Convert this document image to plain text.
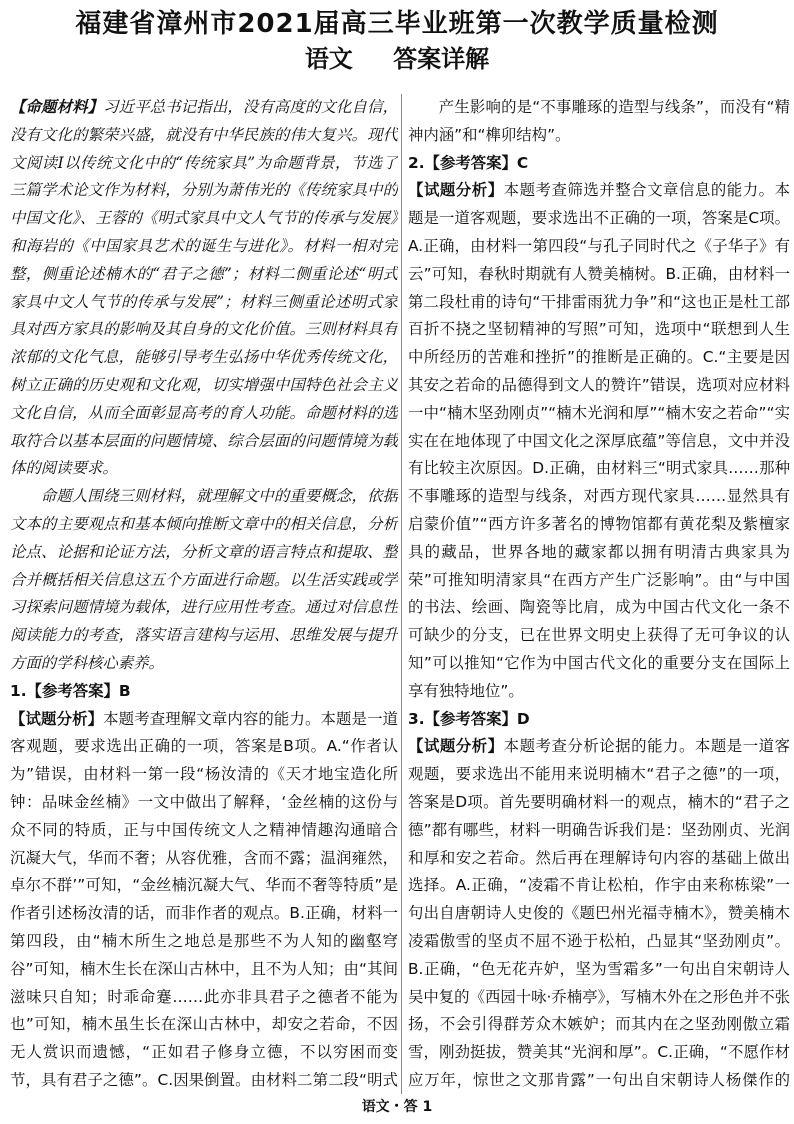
福建省漳州市2021届高三毕业班第一次教学质量检测
语文 答案详解

【命题材料】习近平总书记指出，没有高度的文化自信，没有文化的繁荣兴盛，就没有中华民族的伟大复兴。现代文阅读Ⅰ以传统文化中的“传统家具”为命题背景，节选了三篇学术论文作为材料，分别为萧伟光的《传统家具中的中国文化》、王蓉的《明式家具中文人气节的传承与发展》和海岩的《中国家具艺术的诞生与进化》。材料一相对完整，侧重论述楠木的“君子之德”；材料二侧重论述“明式家具中文人气节的传承与发展”；材料三侧重论述明式家具对西方家具的影响及其自身的文化价值。三则材料具有浓郁的文化气息，能够引导考生弘扬中华优秀传统文化，树立正确的历史观和文化观，切实增强中国特色社会主义文化自信，从而全面彰显高考的育人功能。命题材料的选取符合以基本层面的问题情境、综合层面的问题情境为载体的阅读要求。

命题人围绕三则材料，就理解文中的重要概念，依据文本的主要观点和基本倾向推断文章中的相关信息，分析论点、论据和论证方法，分析文章的语言特点和提取、整合并概括相关信息这五个方面进行命题。以生活实践或学习探索问题情境为载体，进行应用性考查。通过对信息性阅读能力的考查，落实语言建构与运用、思维发展与提升方面的学科核心素养。

1.【参考答案】B

【试题分析】本题考查理解文章内容的能力。本题是一道客观题，要求选出正确的一项，答案是B项。A.“作者认为”错误，由材料一第一段“杨汝清的《天才地宝造化所钟：品味金丝楠》一文中做出了解释，‘金丝楠的这份与众不同的特质，正与中国传统文人之精神情趣沟通暗合　　沉凝大气，华而不奢；从容优雅，含而不露；温润雍然，卓尔不群’”可知，“金丝楠沉凝大气、华而不奢等特质”是作者引述杨汝清的话，而非作者的观点。B.正确，材料一第四段，由“楠木所生之地总是那些不为人知的幽壑穹谷”可知，楠木生长在深山古林中，且不为人知；由“其间滋味只自知；时乖命蹇……此亦非具君子之德者不能为也”可知，楠木虽生长在深山古林中，却安之若命，不因无人赏识而遗憾，“正如君子修身立德，不以穷困而变节，具有君子之德”。C.因果倒置。由材料二第二段“明式

产生影响的是“不事雕琢的造型与线条”，而没有“精神内涵”和“榫卯结构”。

2.【参考答案】C

【试题分析】本题考查筛选并整合文章信息的能力。本题是一道客观题，要求选出不正确的一项，答案是C项。A.正确，由材料一第四段“与孔子同时代之《子华子》有云”可知，春秋时期就有人赞美楠树。B.正确，由材料一第二段杜甫的诗句“干排雷雨犹力争”和“这也正是杜工部百折不挠之坚韧精神的写照”可知，选项中“联想到人生中所经历的苦难和挫折”的推断是正确的。C.“主要是因其安之若命的品德得到文人的赞许”错误，选项对应材料一中“楠木坚劲刚贞”“楠木光润和厚”“楠木安之若命”“实实在在地体现了中国文化之深厚底蕴”等信息，文中并没有比较主次原因。D.正确，由材料三“明式家具……那种不事雕琢的造型与线条，对西方现代家具……显然具有启蒙价值”“西方许多著名的博物馆都有黄花梨及紫檀家具的藏品，世界各地的藏家都以拥有明清古典家具为荣”可推知明清家具“在西方产生广泛影响”。由“与中国的书法、绘画、陶瓷等比肩，成为中国古代文化一条不可缺少的分支，已在世界文明史上获得了无可争议的认知”可以推知“它作为中国古代文化的重要分支在国际上享有独特地位”。

3.【参考答案】D

【试题分析】本题考查分析论据的能力。本题是一道客观题，要求选出不能用来说明楠木“君子之德”的一项，答案是D项。首先要明确材料一的观点，楠木的“君子之德”都有哪些，材料一明确告诉我们是：坚劲刚贞、光润和厚和安之若命。然后再在理解诗句内容的基础上做出选择。A.正确，“凌霜不肯让松柏，作宇由来称栋梁”一句出自唐朝诗人史俊的《题巴州光福寺楠木》，赞美楠木凌霜傲雪的坚贞不屈不逊于松柏，凸显其“坚劲刚贞”。B.正确，“色无花卉妒，坚为雪霜多”一句出自宋朝诗人吴中复的《西园十咏·乔楠亭》，写楠木外在之形色并不张扬，不会引得群芳众木嫉妒；而其内在之坚劲刚傲立霜雪，刚劲挺拔，赞美其“光润和厚”。C.正确，“不愿作材应万年，惊世之文那肯露”一句出自宋朝诗人杨傑作的

语文・答 1
